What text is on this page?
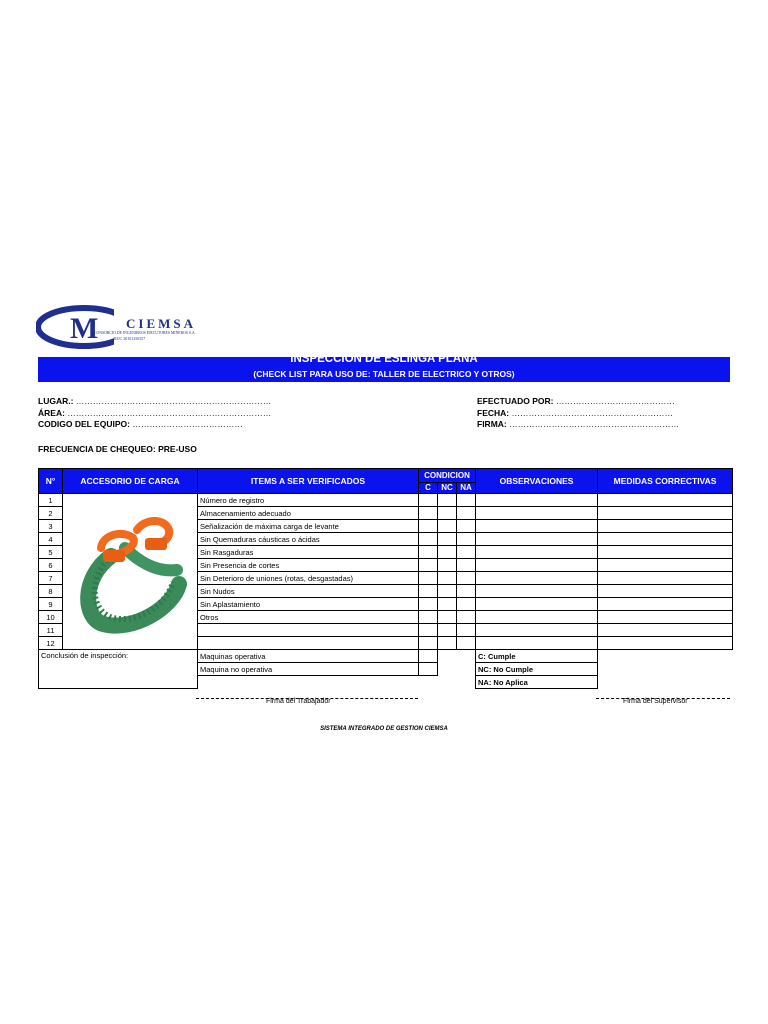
M CIEMSA
CONSORCIO DE INGENIEROS EJECUTORES MINEROS S.A.
RUC 20101256357
INSPECCION DE ESLINGA PLANA
(CHECK LIST PARA USO DE: TALLER DE ELECTRICO Y OTROS)
LUGAR.: ……………………………………………………………
ÁREA: ………………………………………………………………
CODIGO DEL EQUIPO: …………………………………
EFECTUADO POR: ……………………………………
FECHA: …………………………………………………
FIRMA: ……………………………………………………
FRECUENCIA DE CHEQUEO: PRE-USO
N°	ACCESORIO DE CARGA	ITEMS A SER VERIFICADOS	CONDICION			OBSERVACIONES	MEDIDAS CORRECTIVAS
			C	NC	NA		
1		Número de registro					
2		Almacenamiento adecuado					
3		Señalización de máxima carga de levante					
4		Sin Quemaduras cáusticas o ácidas					
5		Sin Rasgaduras					
6		Sin Presencia de cortes					
7		Sin Deterioro de uniones (rotas, desgastadas)					
8		Sin Nudos					
9		Sin Aplastamiento					
10		Otros					
11							
12							
Conclusión de inspección:		Maquinas operativa				C: Cumple	
		Maquina no operativa				NC: No Cumple	
						NA: No Aplica	
Firma del Trabajador	Firma del Supervisor
SISTEMA INTEGRADO DE GESTION CIEMSA
